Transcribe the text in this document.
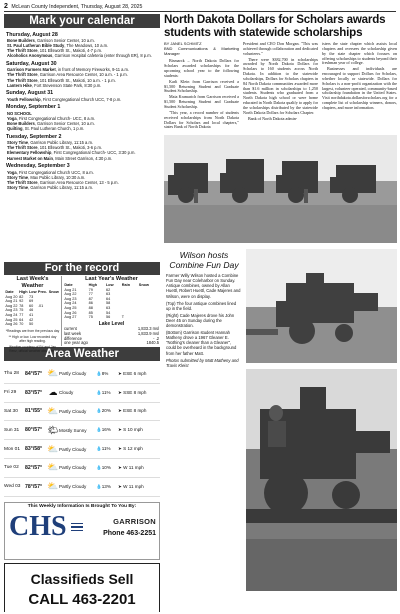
2 McLean County Independent, Thursday, August 28, 2025
Mark your calendar
Thursday, August 28
Bone Builders, Garrison Senior Center, 10 a.m.
St. Paul Lutheran Bible Study, The Meadows, 10 a.m.
The Thrift Store, 101 Ellsworth St., Makoti, 4-7 p.m.
Alcoholics Anonymous, Garrison Hospital cafeteria (enter through ER), 8 p.m.
Saturday, August 30
Garrison Farmers Market, in front of Memory Fireworks, 9-11 a.m.
The Thrift Store, Garrison Area Resource Center, 10 a.m. - 1 p.m.
The Thrift Store, 101 Ellsworth St., Makoti, 10 a.m. - 1 p.m.
Lantern Hike, Fort Stevenson State Park, 8:30 p.m.
Sunday, August 31
Youth Fellowship, First Congregational Church UCC, 7-8 p.m.
Monday, September 1
NO SCHOOL
Yoga, First Congregational Church- UCC, 8 a.m.
Bone Builders, Garrison Senior Center, 10 a.m.
Quilting, St. Paul Lutheran Church, 1 p.m.
Tuesday, September 2
Story Time, Garrison Public Library, 11:15 a.m.
The Thrift Store, 101 Ellsworth St., Makoti, 3-6 p.m.
Elementary Fellowship, First Congregational Church- UCC, 3:30 p.m.
Harvest Market on Main, Main Street Garrison, 4:30 p.m.
Wednesday, September 3
Yoga, First Congregational Church UCC, 8 a.m.
Story Time, Max Public Library, 10:30 a.m.
The Thrift Store, Garrison Area Resource Center, 13 - 5 p.m.
Story Time, Garrison Public Library, 11:15 a.m.
For the record
Last Week's Weather
Date	High	Low	Prec.	Snow
Aug 20	82	73		
Aug 21	92	69		
Aug 22	78	60	.01	
Aug 23	75	46		
Aug 24	77	41		
Aug 25	64	42		
Aug 26	70	50		
*Readings are from the previous day
** High or low. Low recorded day after high reading.
Weather courtesy of Ed and Jan Renz, official weather observers
Last Year's Weather
Date	High	Low	Rain	Snow
Aug 21	79	62		
Aug 22	77	63		
Aug 23	87	64		
Aug 24	86	58		
Aug 25	88	63		
Aug 26	85	54		
Aug 27	75	56	T	
Lake Level
current	1,833.3 msl
last week	1,833.9 msl
difference	- .2
one year ago	1840.5
Area Weather
Thu 28	84°/57° ⛅ Partly Cloudy	💧8%	➤ ESE 6 mph
Fri 29	83°/57° ☁ Cloudy	💧11%	➤ SSE 8 mph
Sat 30	81°/55° ⛅ Partly Cloudy	💧20%	➤ ESE 8 mph
Sun 31	80°/57° 🌤 Mostly Sunny	💧16%	➤ S 10 mph
Mon 01 83°/58° ⛅ Partly Cloudy	💧11%	➤ S 12 mph
Tue 02	82°/57° ⛅ Partly Cloudy	💧10%	➤ W 11 mph
Wed 03 78°/57° ⛅ Partly Cloudy	💧13%	➤ W 11 mph
This Weekly Information Is Brought To You By:
CHS	GARRISON
Phone 463-2251
Classifieds Sell
CALL 463-2201
North Dakota Dollars for Scholars awards students with statewide scholarships
BY JANEL SCHMITZ
BND Communications & Marketing Manager

Bismarck – North Dakota Dollars for Scholars awarded scholarships for the upcoming school year to the following students:

Karli Klein from Garrison received a $1,500 Returning Student and Graduate Student Scholarship.

Maia Kramarich from Garrison received a $1,500 Returning Student and Graduate Student Scholarship.

"This year, a record number of students received scholarships from North Dakota Dollars for Scholars and local chapters," states Bank of North Dakota

President and CEO Don Morgan. "This was achieved through collaboration and dedicated volunteers."

There were $382,700 in scholarships awarded by North Dakota Dollars for Scholars to 160 students across North Dakota. In addition to the statewide scholarships, Dollars for Scholars chapters in 84 North Dakota communities awarded more than $1.6 million in scholarships to 1,250 students. Students who graduated from a North Dakota high school or were home educated in North Dakota qualify to apply for the scholarships distributed by the statewide North Dakota Dollars for Scholars Chapter.

Bank of North Dakota admin-

isters the state chapter which assists local chapters and oversees the scholarship given by the state chapter which focuses on offering scholarships to students beyond their freshman year of college.

Businesses and individuals are encouraged to support Dollars for Scholars, whether locally or statewide. Dollars for Scholars is a non-profit organization with the largest, volunteer operated, community-based scholarship foundation in the United States. Visit northdakota.dollarsforscholars.org for a complete list of scholarship winners, donors, chapters, and more information.

Wilson hosts Combine Fun Day

Farmer Willy Wilson hosted a Combine Fun Day near Coleharbor on Sunday. Antique combines, owned by Allan Huettl, Robert Huettl, Cade Majeres and Wilson, were on display.

(Top) The four antique combines lined up in the field.

(Right) Cade Majeres drove his John Deer 45 on Sunday during the demonstration.

(Bottom) Garrison student Hannah Matheny drove a 1967 Gleaner E. "Nothing's cleaner than a Gleaner", could be overheard in the background from her father Matt.

Photos submitted by Matt Matheny and Travis Kleist
